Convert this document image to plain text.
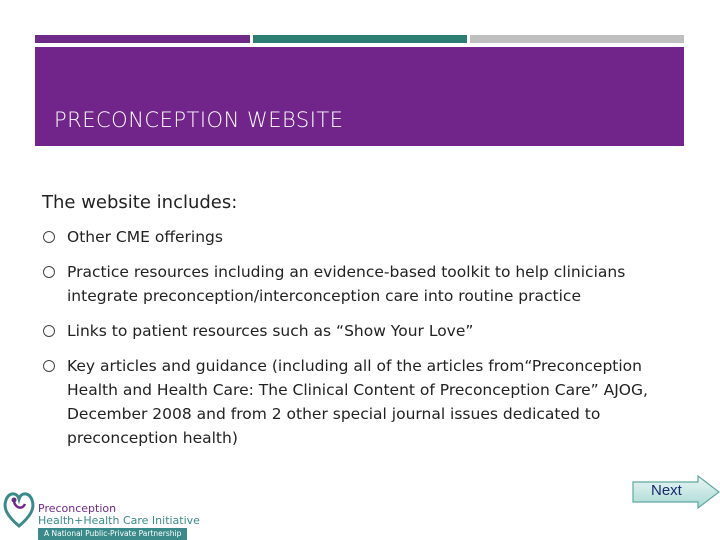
PRECONCEPTION WEBSITE

The website includes:

Other CME offerings
Practice resources including an evidence-based toolkit to help clinicians integrate preconception/interconception care into routine practice
Links to patient resources such as “Show Your Love”
Key articles and guidance (including all of the articles from“Preconception Health and Health Care: The Clinical Content of Preconception Care” AJOG, December 2008 and from 2 other special journal issues dedicated to preconception health)
Preconception
Health+Health Care Initiative
A National Public-Private Partnership
Next
